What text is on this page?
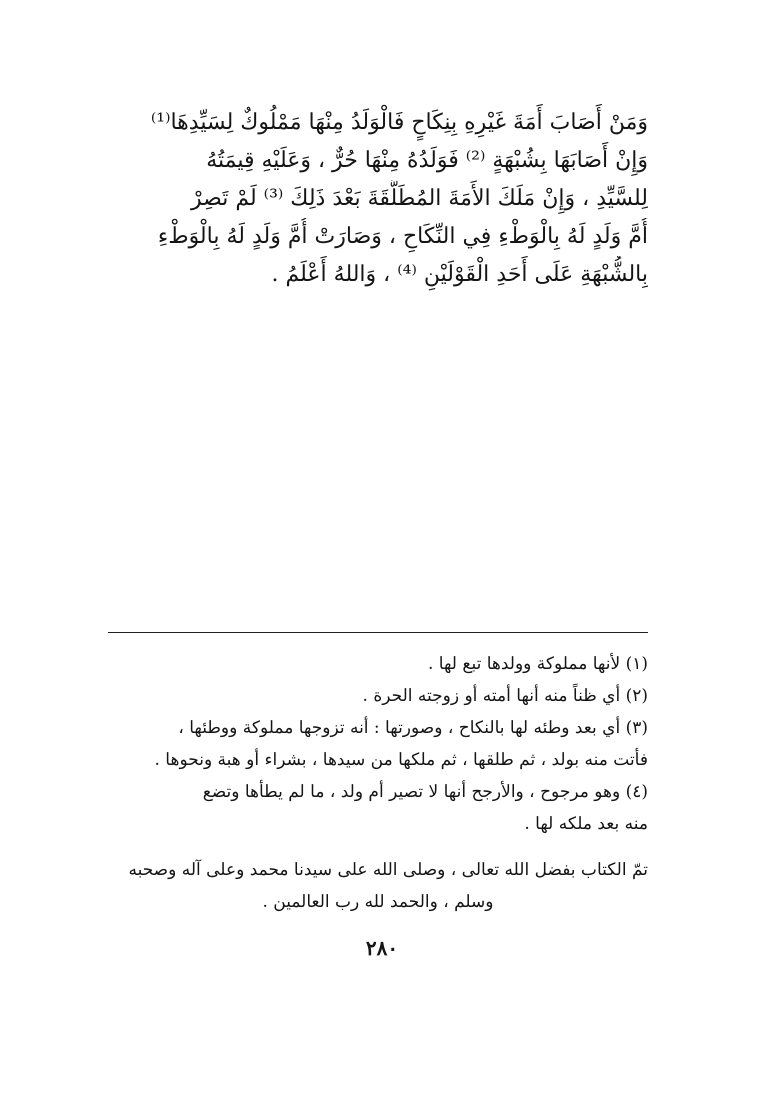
وَمَنْ أَصَابَ أَمَةَ غَيْرِهِ بِنِكَاحٍ فَالْوَلَدُ مِنْهَا مَمْلُوكٌ لِسَيِّدِهَا⁽¹⁾
وَإِنْ أَصَابَهَا بِشُبْهَةٍ ⁽²⁾ فَوَلَدُهُ مِنْهَا حُرٌّ ، وَعَلَيْهِ قِيمَتُهُ
لِلسَّيِّدِ ، وَإِنْ مَلَكَ الأَمَةَ المُطَلَّقَةَ بَعْدَ ذَلِكَ ⁽³⁾ لَمْ تَصِرْ
أُمَّ وَلَدٍ لَهُ بِالْوَطْءِ فِي النِّكَاحِ ، وَصَارَتْ أُمَّ وَلَدٍ لَهُ بِالْوَطْءِ
بِالشُّبْهَةِ عَلَى أَحَدِ الْقَوْلَيْنِ ⁽⁴⁾ ، وَاللهُ أَعْلَمُ .
(١) لأنها مملوكة وولدها تبع لها .
(٢) أي ظناً منه أنها أمته أو زوجته الحرة .
(٣) أي بعد وطئه لها بالنكاح ، وصورتها : أنه تزوجها مملوكة ووطئها ،
فأتت منه بولد ، ثم طلقها ، ثم ملكها من سيدها ، بشراء أو هبة ونحوها .
(٤) وهو مرجوح ، والأرجح أنها لا تصير أم ولد ، ما لم يطأها وتضع
منه بعد ملكه لها .
تمّ الكتاب بفضل الله تعالى ، وصلى الله على سيدنا محمد وعلى آله وصحبه
وسلم ، والحمد لله رب العالمين .
٢٨٠
